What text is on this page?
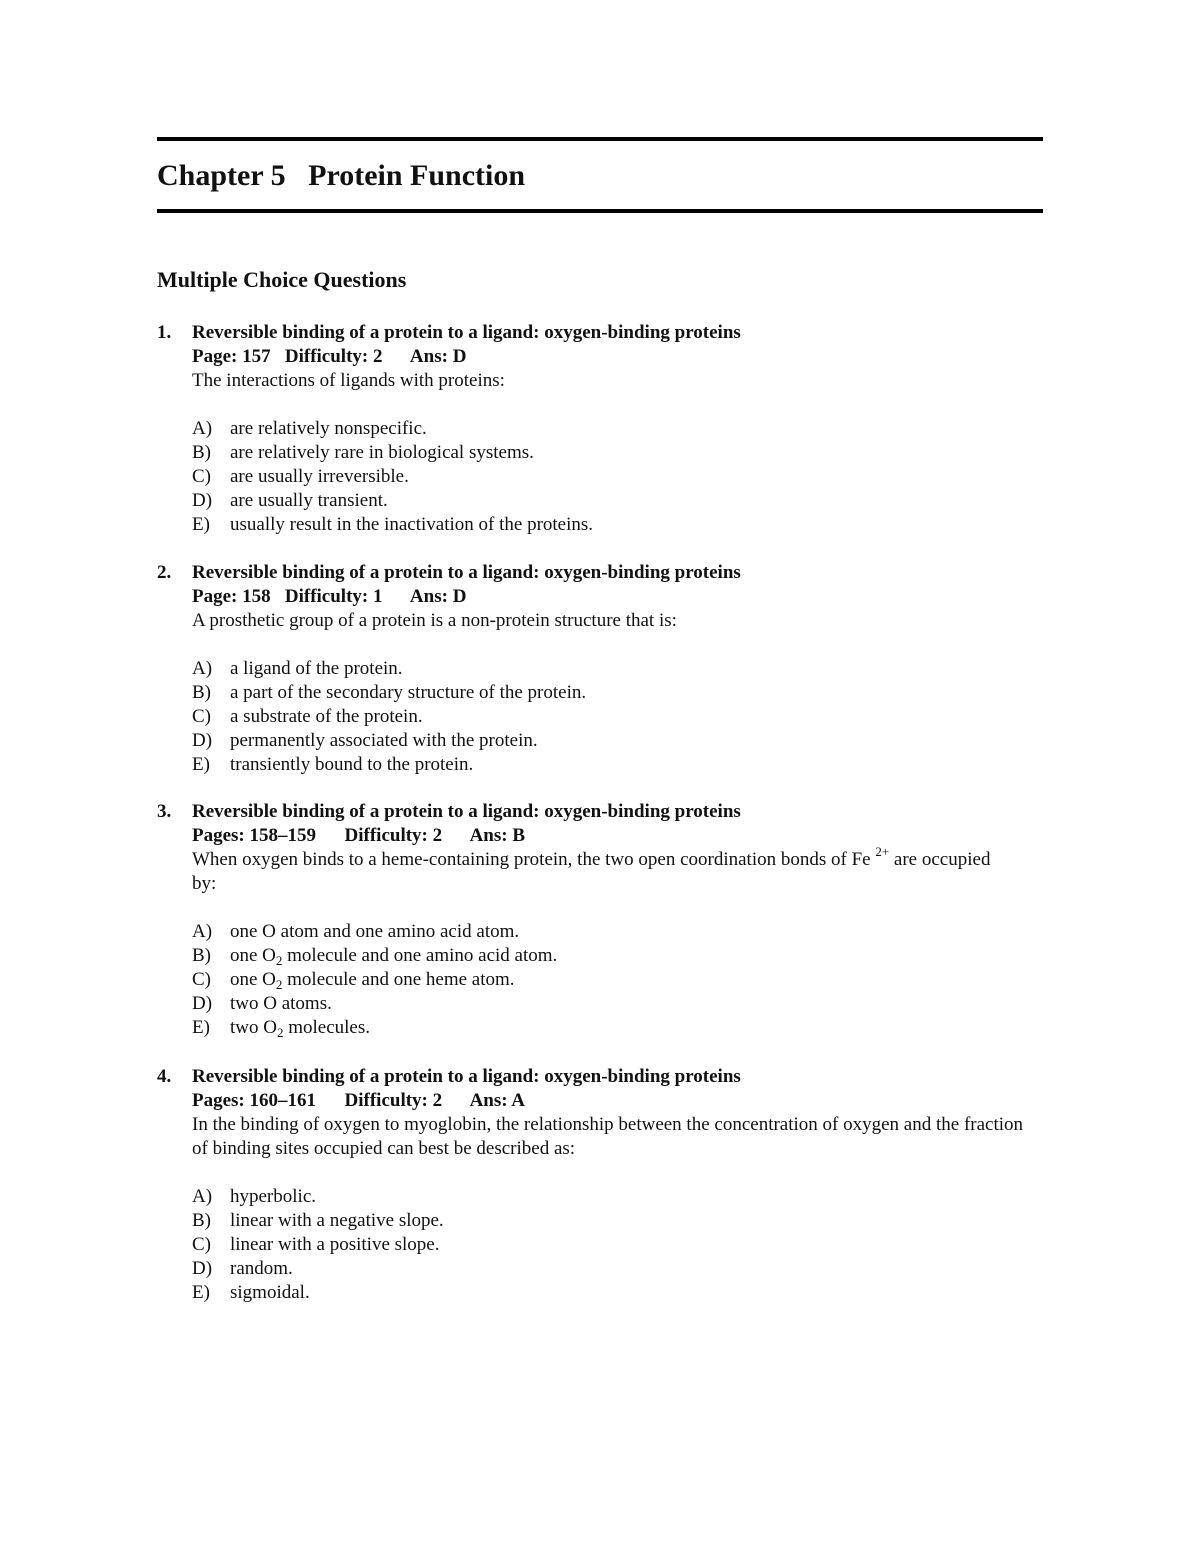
Chapter 5   Protein Function
Multiple Choice Questions
1.	Reversible binding of a protein to a ligand: oxygen-binding proteins
Page: 157   Difficulty: 2      Ans: D
The interactions of ligands with proteins:
A) are relatively nonspecific.
B)	are relatively rare in biological systems.
C)	are usually irreversible.
D) are usually transient.
E)	usually result in the inactivation of the proteins.
2.	Reversible binding of a protein to a ligand: oxygen-binding proteins
Page: 158   Difficulty: 1      Ans: D
A prosthetic group of a protein is a non-protein structure that is:
A) a ligand of the protein.
B)	a part of the secondary structure of the protein.
C)	a substrate of the protein.
D) permanently associated with the protein.
E)	transiently bound to the protein.
3.	Reversible binding of a protein to a ligand: oxygen-binding proteins
Pages: 158–159      Difficulty: 2      Ans: B
When oxygen binds to a heme-containing protein, the two open coordination bonds of Fe $^{2+}$ are occupied by:
A) one O atom and one amino acid atom.
B)	one $O_2$ molecule and one amino acid atom.
C)	one $O_2$ molecule and one heme atom.
D) two O atoms.
E)	two $O_2$ molecules.
4.	Reversible binding of a protein to a ligand: oxygen-binding proteins
Pages: 160–161      Difficulty: 2      Ans: A
In the binding of oxygen to myoglobin, the relationship between the concentration of oxygen and the fraction of binding sites occupied can best be described as:
A) hyperbolic.
B)	linear with a negative slope.
C)	linear with a positive slope.
D) random.
E)	sigmoidal.
